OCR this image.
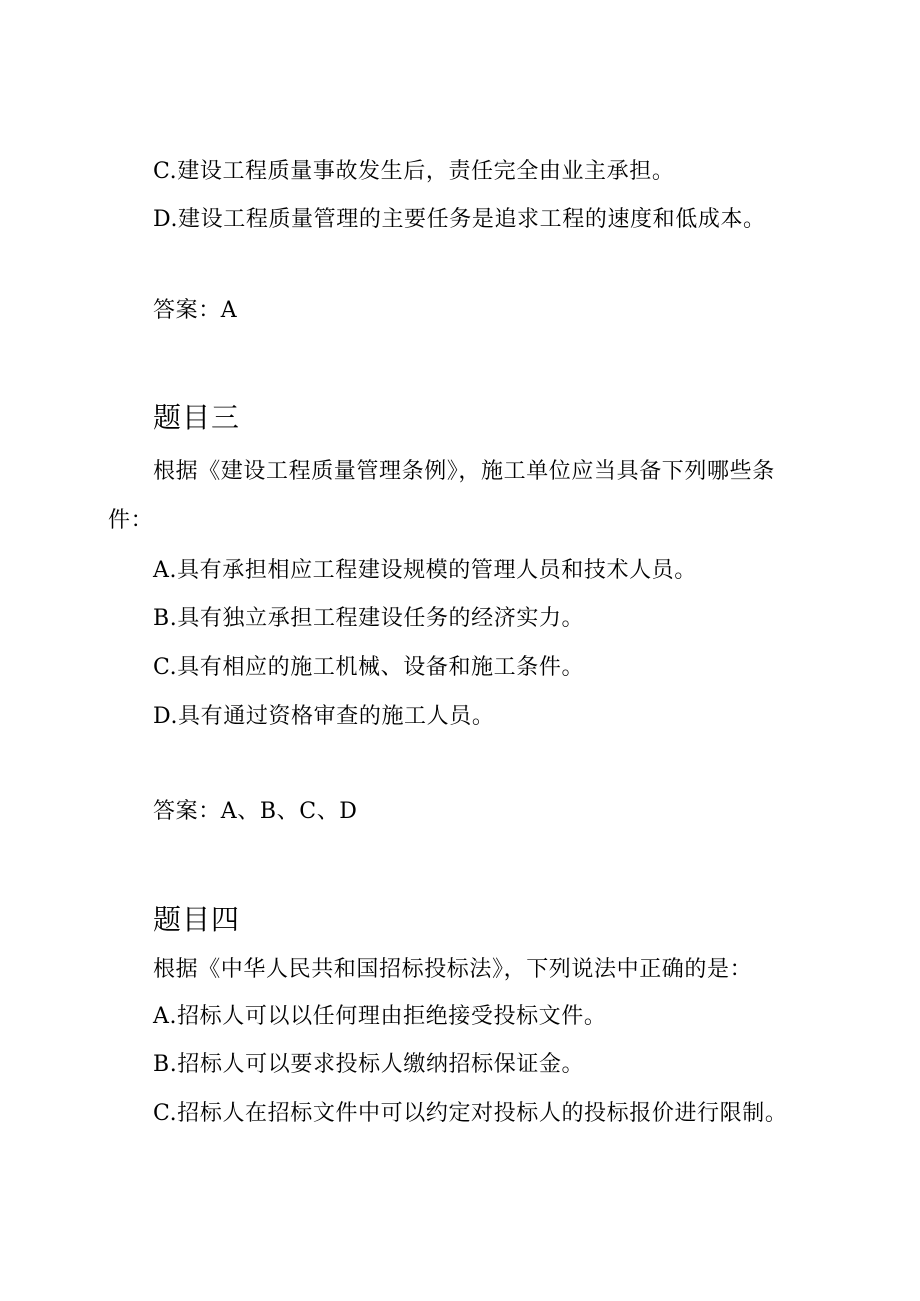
C.建设工程质量事故发生后，责任完全由业主承担。
D.建设工程质量管理的主要任务是追求工程的速度和低成本。
答案：A
题目三
根据《建设工程质量管理条例》，施工单位应当具备下列哪些条
件：
A.具有承担相应工程建设规模的管理人员和技术人员。
B.具有独立承担工程建设任务的经济实力。
C.具有相应的施工机械、设备和施工条件。
D.具有通过资格审查的施工人员。
答案：A、B、C、D
题目四
根据《中华人民共和国招标投标法》，下列说法中正确的是：
A.招标人可以以任何理由拒绝接受投标文件。
B.招标人可以要求投标人缴纳招标保证金。
C.招标人在招标文件中可以约定对投标人的投标报价进行限制。
